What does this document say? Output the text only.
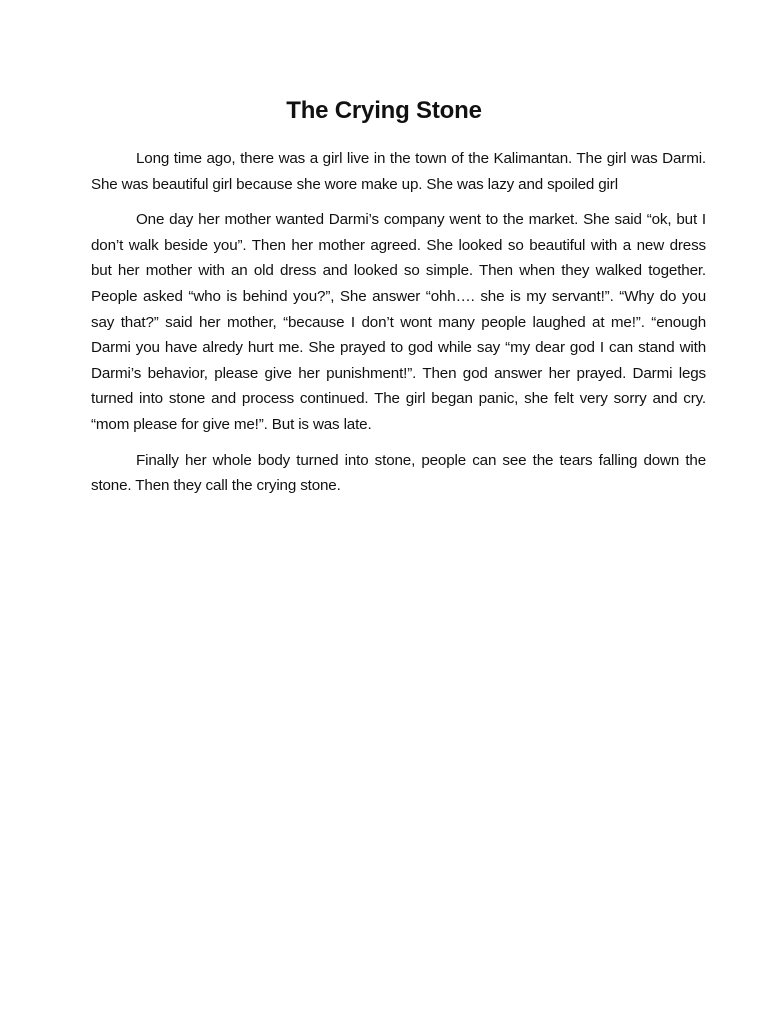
The Crying Stone

Long time ago, there was a girl live in the town of the Kalimantan. The girl was Darmi. She was beautiful girl because she wore make up. She was lazy and spoiled girl

One day her mother wanted Darmi’s company went to the market. She said “ok, but I don’t walk beside you”. Then her mother agreed. She looked so beautiful with a new dress but her mother with an old dress and looked so simple. Then when they walked together. People asked “who is behind you?”, She answer “ohh…. she is my servant!”. “Why do you say that?” said her mother, “because I don’t wont many people laughed at me!”. “enough Darmi you have alredy hurt me. She prayed to god while say “my dear god I can stand with Darmi’s behavior, please give her punishment!”. Then god answer her prayed. Darmi legs turned into stone and process continued. The girl began panic, she felt very sorry and cry. “mom please for give me!”. But is was late.

Finally her whole body turned into stone, people can see the tears falling down the stone. Then they call the crying stone.
